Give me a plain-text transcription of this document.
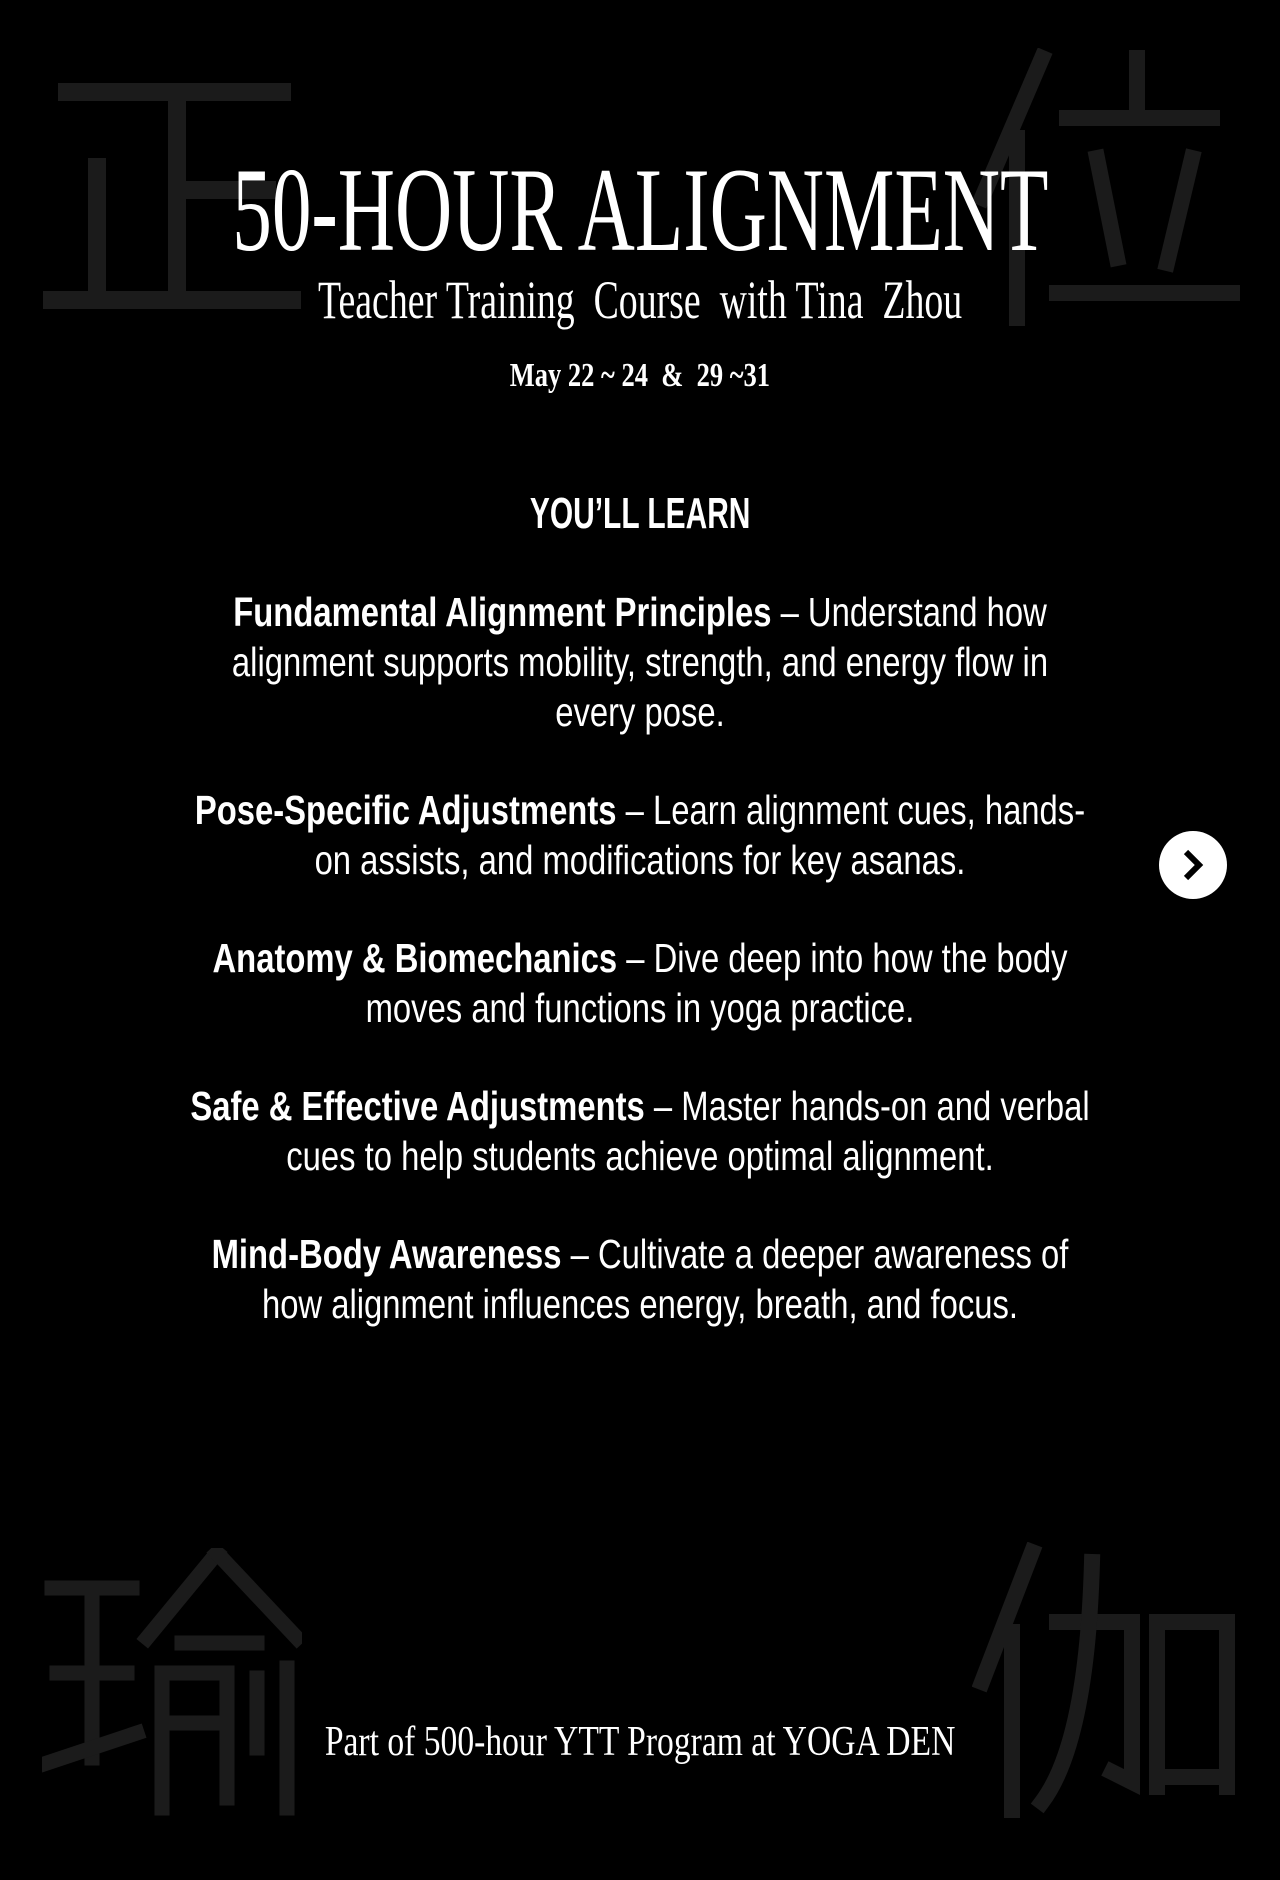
50-HOUR ALIGNMENT
Teacher Training  Course  with Tina  Zhou
May 22 ~ 24  &  29 ~31
YOU’LL LEARN
Fundamental Alignment Principles – Understand how alignment supports mobility, strength, and energy flow in every pose.
Pose-Specific Adjustments – Learn alignment cues, hands-on assists, and modifications for key asanas.
Anatomy & Biomechanics – Dive deep into how the body moves and functions in yoga practice.
Safe & Effective Adjustments – Master hands-on and verbal cues to help students achieve optimal alignment.
Mind-Body Awareness – Cultivate a deeper awareness of how alignment influences energy, breath, and focus.
Part of 500-hour YTT Program at YOGA DEN
